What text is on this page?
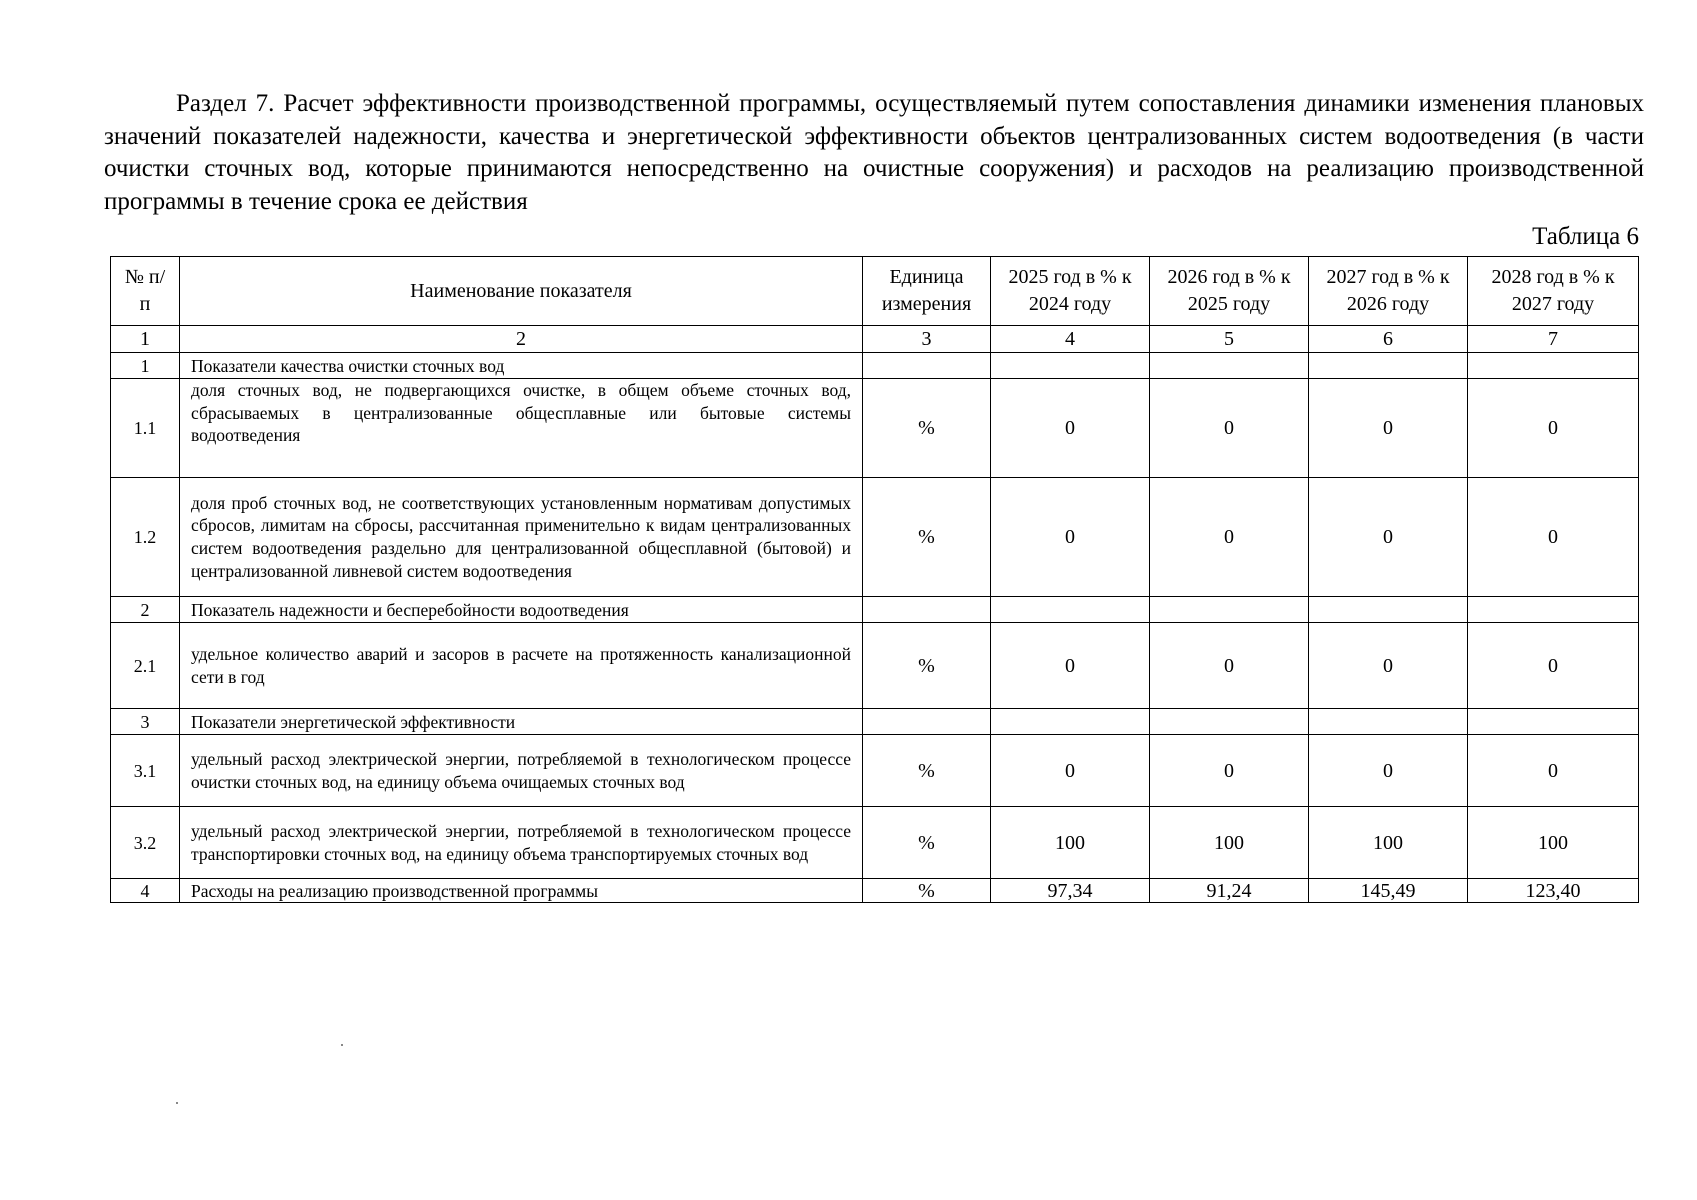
Раздел 7. Расчет эффективности производственной программы, осуществляемый путем сопоставления динамики изменения плановых значений показателей надежности, качества и энергетической эффективности объектов централизованных систем водоотведения (в части очистки сточных вод, которые принимаются непосредственно на очистные сооружения) и расходов на реализацию производственной программы в течение срока ее действия

Таблица 6
№ п/п	Наименование показателя	Единица измерения	2025 год в % к 2024 году	2026 год в % к 2025 году	2027 год в % к 2026 году	2028 год в % к 2027 году
1	2	3	4	5	6	7
1	Показатели качества очистки сточных вод					
1.1	доля сточных вод, не подвергающихся очистке, в общем объеме сточных вод, сбрасываемых в централизованные общесплавные или бытовые системы водоотведения	%	0	0	0	0
1.2	доля проб сточных вод, не соответствующих установленным нормативам допустимых сбросов, лимитам на сбросы, рассчитанная применительно к видам централизованных систем водоотведения раздельно для централизованной общесплавной (бытовой) и централизованной ливневой систем водоотведения	%	0	0	0	0
2	Показатель надежности и бесперебойности водоотведения					
2.1	удельное количество аварий и засоров в расчете на протяженность канализационной сети в год	%	0	0	0	0
3	Показатели энергетической эффективности					
3.1	удельный расход электрической энергии, потребляемой в технологическом процессе очистки сточных вод, на единицу объема очищаемых сточных вод	%	0	0	0	0
3.2	удельный расход электрической энергии, потребляемой в технологическом процессе транспортировки сточных вод, на единицу объема транспортируемых сточных вод	%	100	100	100	100
4	Расходы на реализацию производственной программы	%	97,34	91,24	145,49	123,40
